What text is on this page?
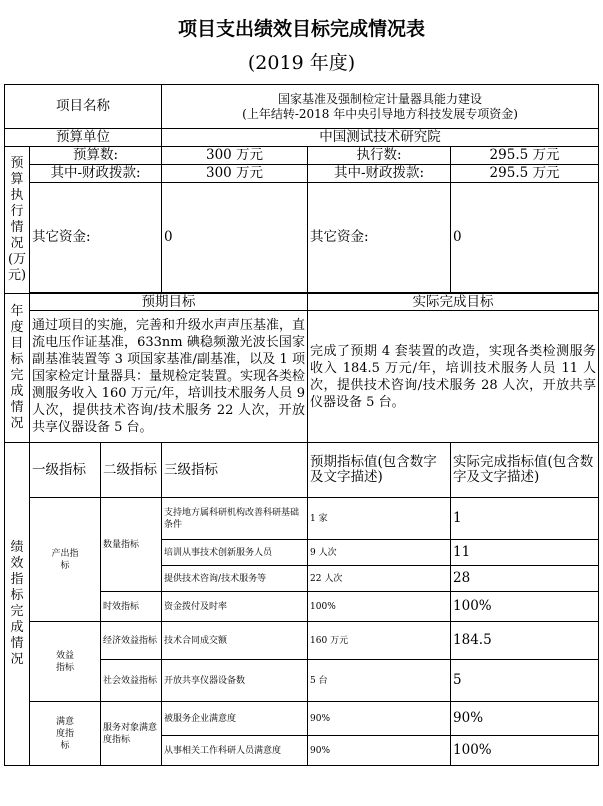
项目支出绩效目标完成情况表
(2019 年度)
项目名称			国家基准及强制检定计量器具能力建设
(上年结转-2018 年中央引导地方科技发展专项资金)		

预算单位			中国测试技术研究院		
预算执行情况(万元)	预算数:		300 万元	执行数:	295.5 万元
	其中-财政拨款:		300 万元	其中-财政拨款:	295.5 万元
	其它资金:		0	其它资金:	0

年度目标完成情况	预期目标			实际完成目标	
	通过项目的实施，完善和升级水声声压基准，直流电压作证基准，633nm 碘稳频激光波长国家副基准装置等 3 项国家基准/副基准，以及 1 项国家检定计量器具：量规检定装置。实现各类检测服务收入 160 万元/年，培训技术服务人员 9 人次，提供技术咨询/技术服务 22 人次，开放共享仪器设备 5 台。			完成了预期 4 套装置的改造，实现各类检测服务收入 184.5 万元/年，培训技术服务人员 11 人次，提供技术咨询/技术服务 28 人次，开放共享仪器设备 5 台。	
绩效指标完成情况	一级指标	二级指标	三级指标	预期指标值(包含数字及文字描述)	实际完成指标值(包含数字及文字描述)
	产出指标	数量指标	支持地方属科研机构改善科研基础条件	1 家	1
			培训从事技术创新服务人员	9 人次	11
			提供技术咨询/技术服务等	22 人次	28
		时效指标	资金拨付及时率	100%	100%
	效益指标	经济效益指标	技术合同成交额	160 万元	184.5
		社会效益指标	开放共享仪器设备数	5 台	5
	满意度指标	服务对象满意度指标	被服务企业满意度	90%	90%
			从事相关工作科研人员满意度	90%	100%
